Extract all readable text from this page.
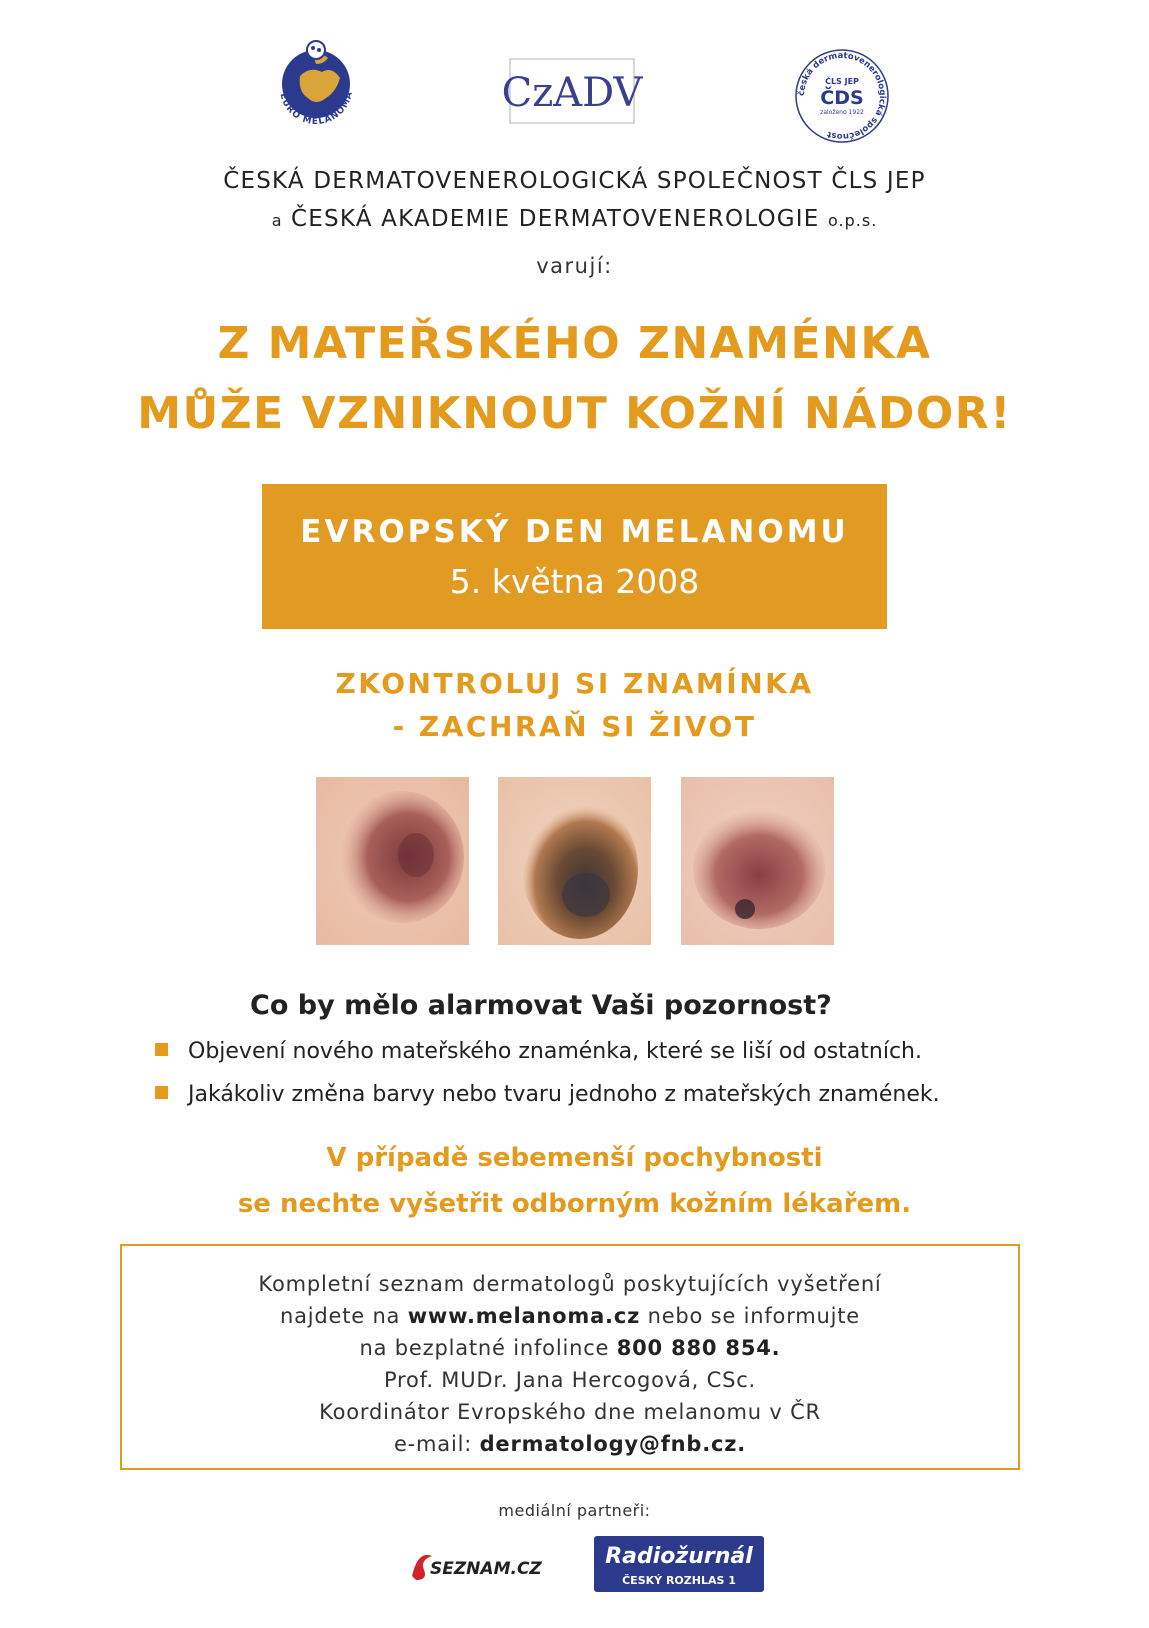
EURO MELANOMA	CzADV	česká dermatovenerologická společnost
ČLS JEP
ČDS
založeno 1922
ČESKÁ DERMATOVENEROLOGICKÁ SPOLEČNOST ČLS JEP
a ČESKÁ AKADEMIE DERMATOVENEROLOGIE o.p.s.
varují:
Z MATEŘSKÉHO ZNAMÉNKA
MŮŽE VZNIKNOUT KOŽNÍ NÁDOR!
EVROPSKÝ DEN MELANOMU
5. května 2008
ZKONTROLUJ SI ZNAMÍNKA
- ZACHRAŇ SI ŽIVOT
Co by mělo alarmovat Vaši pozornost?
Objevení nového mateřského znaménka, které se liší od ostatních.
Jakákoliv změna barvy nebo tvaru jednoho z mateřských znamének.
V případě sebemenší pochybnosti
se nechte vyšetřit odborným kožním lékařem.
Kompletní seznam dermatologů poskytujících vyšetření
najdete na www.melanoma.cz nebo se informujte
na bezplatné infolince 800 880 854.
Prof. MUDr. Jana Hercogová, CSc.
Koordinátor Evropského dne melanomu v ČR
e-mail: dermatology@fnb.cz.
mediální partneři:
SEZNAM.CZ	Radiožurnál
ČESKÝ ROZHLAS 1
